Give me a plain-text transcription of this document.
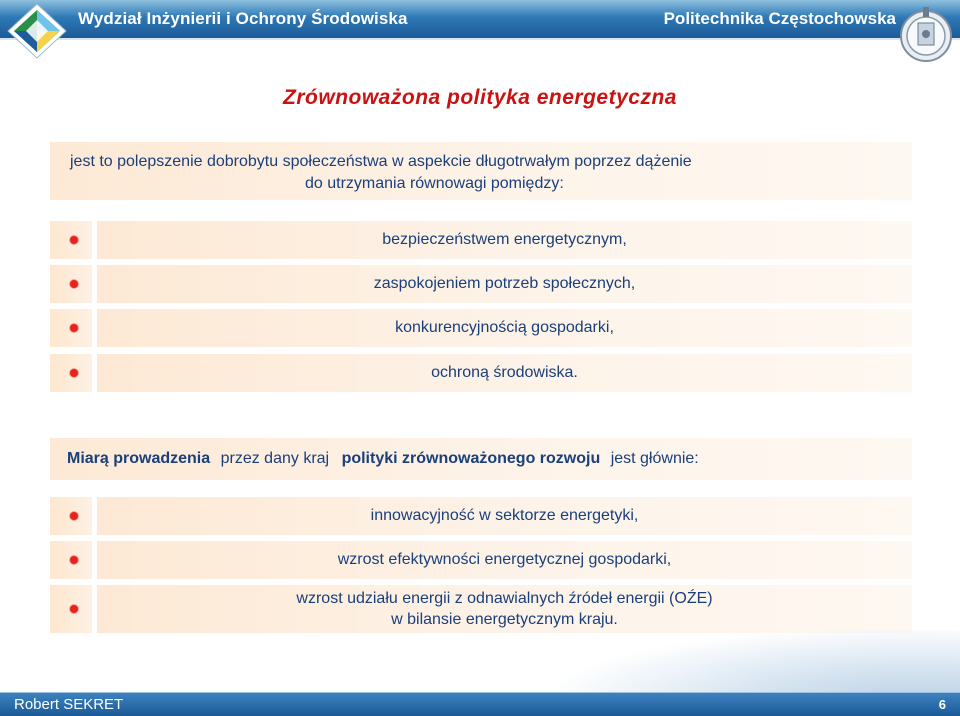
Wydział Inżynierii i Ochrony Środowiska	Politechnika Częstochowska
Zrównoważona polityka energetyczna
jest to polepszenie dobrobytu społeczeństwa w aspekcie długotrwałym poprzez dążenie
do utrzymania równowagi pomiędzy:
bezpieczeństwem energetycznym,
zaspokojeniem potrzeb społecznych,
konkurencyjnością gospodarki,
ochroną środowiska.
Miarą prowadzenia przez dany kraj polityki zrównoważonego rozwoju jest głównie:
innowacyjność w sektorze energetyki,
wzrost efektywności energetycznej gospodarki,
wzrost udziału energii z odnawialnych źródeł energii (OŹE)
w bilansie energetycznym kraju.
Robert SEKRET	6
